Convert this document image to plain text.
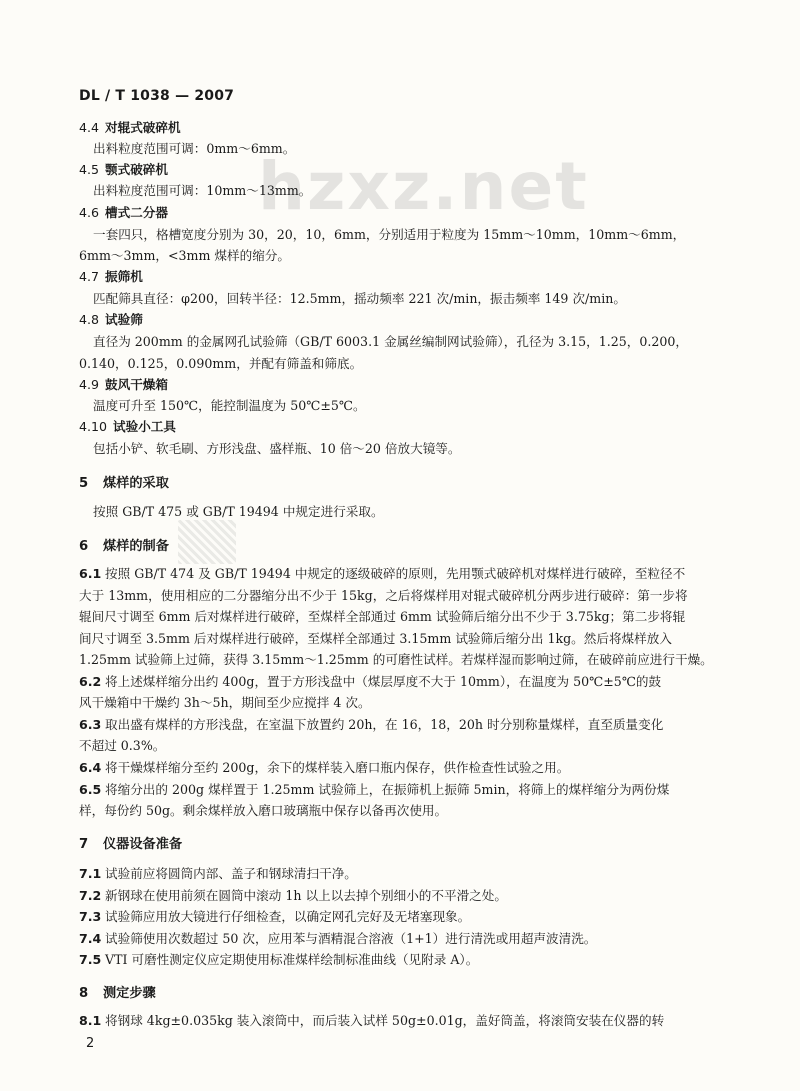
DL / T 1038 — 2007
hzxz.net
4.4 对辊式破碎机
出料粒度范围可调：0mm～6mm。
4.5 颚式破碎机
出料粒度范围可调：10mm～13mm。
4.6 槽式二分器
一套四只，格槽宽度分别为 30，20，10，6mm，分别适用于粒度为 15mm～10mm，10mm～6mm，
6mm～3mm，<3mm 煤样的缩分。
4.7 振筛机
匹配筛具直径：φ200，回转半径：12.5mm，摇动频率 221 次/min，振击频率 149 次/min。
4.8 试验筛
直径为 200mm 的金属网孔试验筛（GB/T 6003.1 金属丝编制网试验筛），孔径为 3.15，1.25，0.200，
0.140，0.125，0.090mm，并配有筛盖和筛底。
4.9 鼓风干燥箱
温度可升至 150℃，能控制温度为 50℃±5℃。
4.10 试验小工具
包括小铲、软毛刷、方形浅盘、盛样瓶、10 倍～20 倍放大镜等。
5 煤样的采取
按照 GB/T 475 或 GB/T 19494 中规定进行采取。
6 煤样的制备
6.1 按照 GB/T 474 及 GB/T 19494 中规定的逐级破碎的原则，先用颚式破碎机对煤样进行破碎，至粒径不
大于 13mm，使用相应的二分器缩分出不少于 15kg，之后将煤样用对辊式破碎机分两步进行破碎：第一步将
辊间尺寸调至 6mm 后对煤样进行破碎，至煤样全部通过 6mm 试验筛后缩分出不少于 3.75kg；第二步将辊
间尺寸调至 3.5mm 后对煤样进行破碎，至煤样全部通过 3.15mm 试验筛后缩分出 1kg。然后将煤样放入
1.25mm 试验筛上过筛，获得 3.15mm～1.25mm 的可磨性试样。若煤样湿而影响过筛，在破碎前应进行干燥。
6.2 将上述煤样缩分出约 400g，置于方形浅盘中（煤层厚度不大于 10mm），在温度为 50℃±5℃的鼓
风干燥箱中干燥约 3h～5h，期间至少应搅拌 4 次。
6.3 取出盛有煤样的方形浅盘，在室温下放置约 20h，在 16，18，20h 时分别称量煤样，直至质量变化
不超过 0.3%。
6.4 将干燥煤样缩分至约 200g，余下的煤样装入磨口瓶内保存，供作检查性试验之用。
6.5 将缩分出的 200g 煤样置于 1.25mm 试验筛上，在振筛机上振筛 5min，将筛上的煤样缩分为两份煤
样，每份约 50g。剩余煤样放入磨口玻璃瓶中保存以备再次使用。
7 仪器设备准备
7.1 试验前应将圆筒内部、盖子和钢球清扫干净。
7.2 新钢球在使用前须在圆筒中滚动 1h 以上以去掉个别细小的不平滑之处。
7.3 试验筛应用放大镜进行仔细检查，以确定网孔完好及无堵塞现象。
7.4 试验筛使用次数超过 50 次，应用苯与酒精混合溶液（1+1）进行清洗或用超声波清洗。
7.5 VTI 可磨性测定仪应定期使用标准煤样绘制标准曲线（见附录 A）。
8 测定步骤
8.1 将钢球 4kg±0.035kg 装入滚筒中，而后装入试样 50g±0.01g，盖好筒盖，将滚筒安装在仪器的转
2
